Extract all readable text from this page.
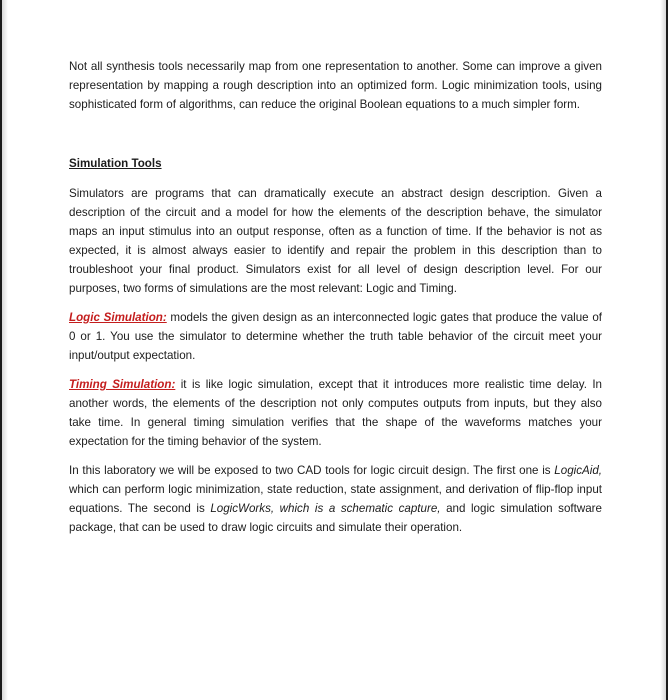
Not all synthesis tools necessarily map from one representation to another. Some can improve a given representation by mapping a rough description into an optimized form. Logic minimization tools, using sophisticated form of algorithms, can reduce the original Boolean equations to a much simpler form.

Simulation Tools

Simulators are programs that can dramatically execute an abstract design description. Given a description of the circuit and a model for how the elements of the description behave, the simulator maps an input stimulus into an output response, often as a function of time. If the behavior is not as expected, it is almost always easier to identify and repair the problem in this description than to troubleshoot your final product. Simulators exist for all level of design description level. For our purposes, two forms of simulations are the most relevant: Logic and Timing.

Logic Simulation: models the given design as an interconnected logic gates that produce the value of 0 or 1. You use the simulator to determine whether the truth table behavior of the circuit meet your input/output expectation.

Timing Simulation: it is like logic simulation, except that it introduces more realistic time delay. In another words, the elements of the description not only computes outputs from inputs, but they also take time. In general timing simulation verifies that the shape of the waveforms matches your expectation for the timing behavior of the system.

In this laboratory we will be exposed to two CAD tools for logic circuit design. The first one is LogicAid, which can perform logic minimization, state reduction, state assignment, and derivation of flip-flop input equations. The second is LogicWorks, which is a schematic capture, and logic simulation software package, that can be used to draw logic circuits and simulate their operation.
